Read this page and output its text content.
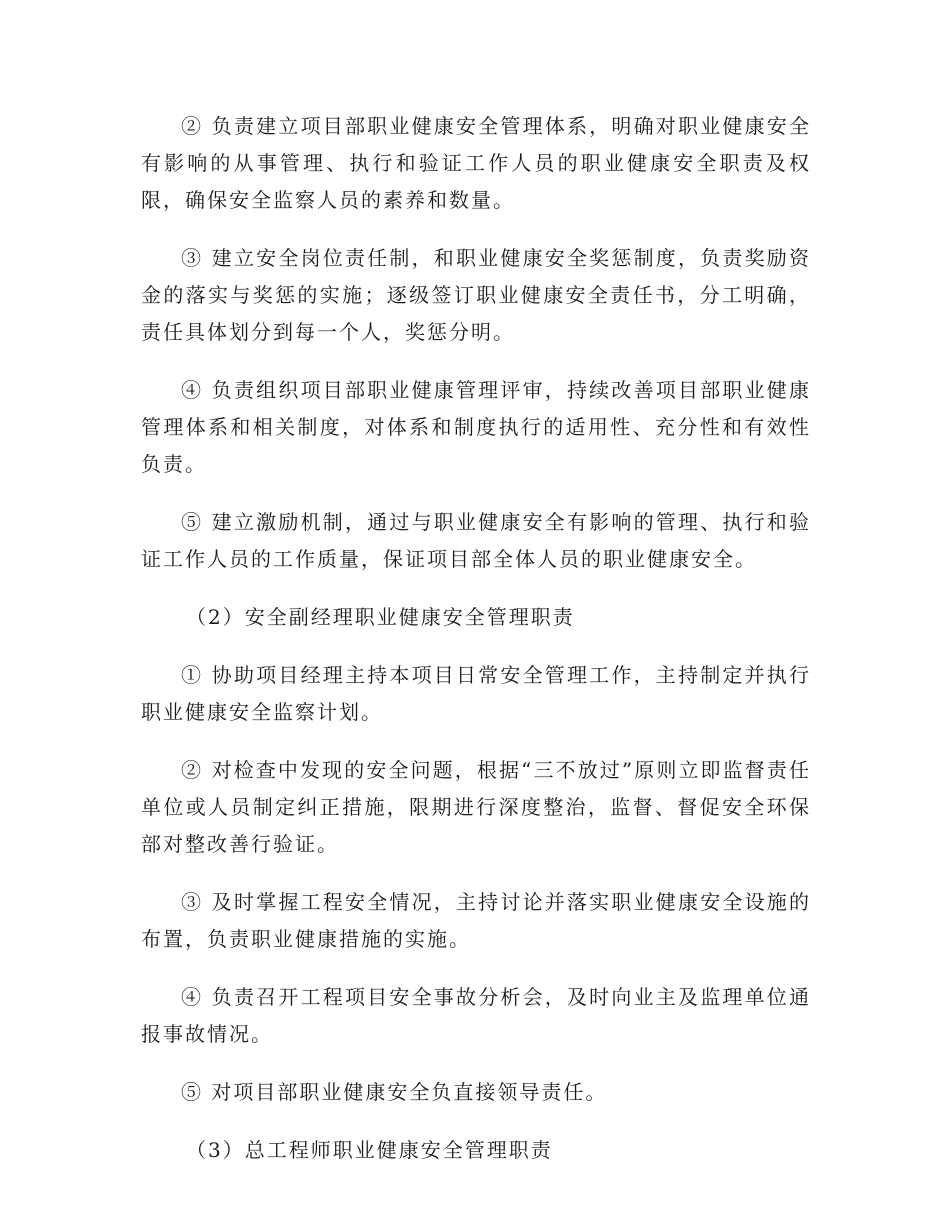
② 负责建立项目部职业健康安全管理体系，明确对职业健康安全有影响的从事管理、执行和验证工作人员的职业健康安全职责及权限，确保安全监察人员的素养和数量。

③ 建立安全岗位责任制，和职业健康安全奖惩制度，负责奖励资金的落实与奖惩的实施；逐级签订职业健康安全责任书，分工明确，责任具体划分到每一个人，奖惩分明。

④ 负责组织项目部职业健康管理评审，持续改善项目部职业健康管理体系和相关制度，对体系和制度执行的适用性、充分性和有效性负责。

⑤ 建立激励机制，通过与职业健康安全有影响的管理、执行和验证工作人员的工作质量，保证项目部全体人员的职业健康安全。

（2）安全副经理职业健康安全管理职责

① 协助项目经理主持本项目日常安全管理工作，主持制定并执行职业健康安全监察计划。

② 对检查中发现的安全问题，根据“三不放过”原则立即监督责任单位或人员制定纠正措施，限期进行深度整治，监督、督促安全环保部对整改善行验证。

③ 及时掌握工程安全情况，主持讨论并落实职业健康安全设施的布置，负责职业健康措施的实施。

④ 负责召开工程项目安全事故分析会，及时向业主及监理单位通报事故情况。

⑤ 对项目部职业健康安全负直接领导责任。

（3）总工程师职业健康安全管理职责
